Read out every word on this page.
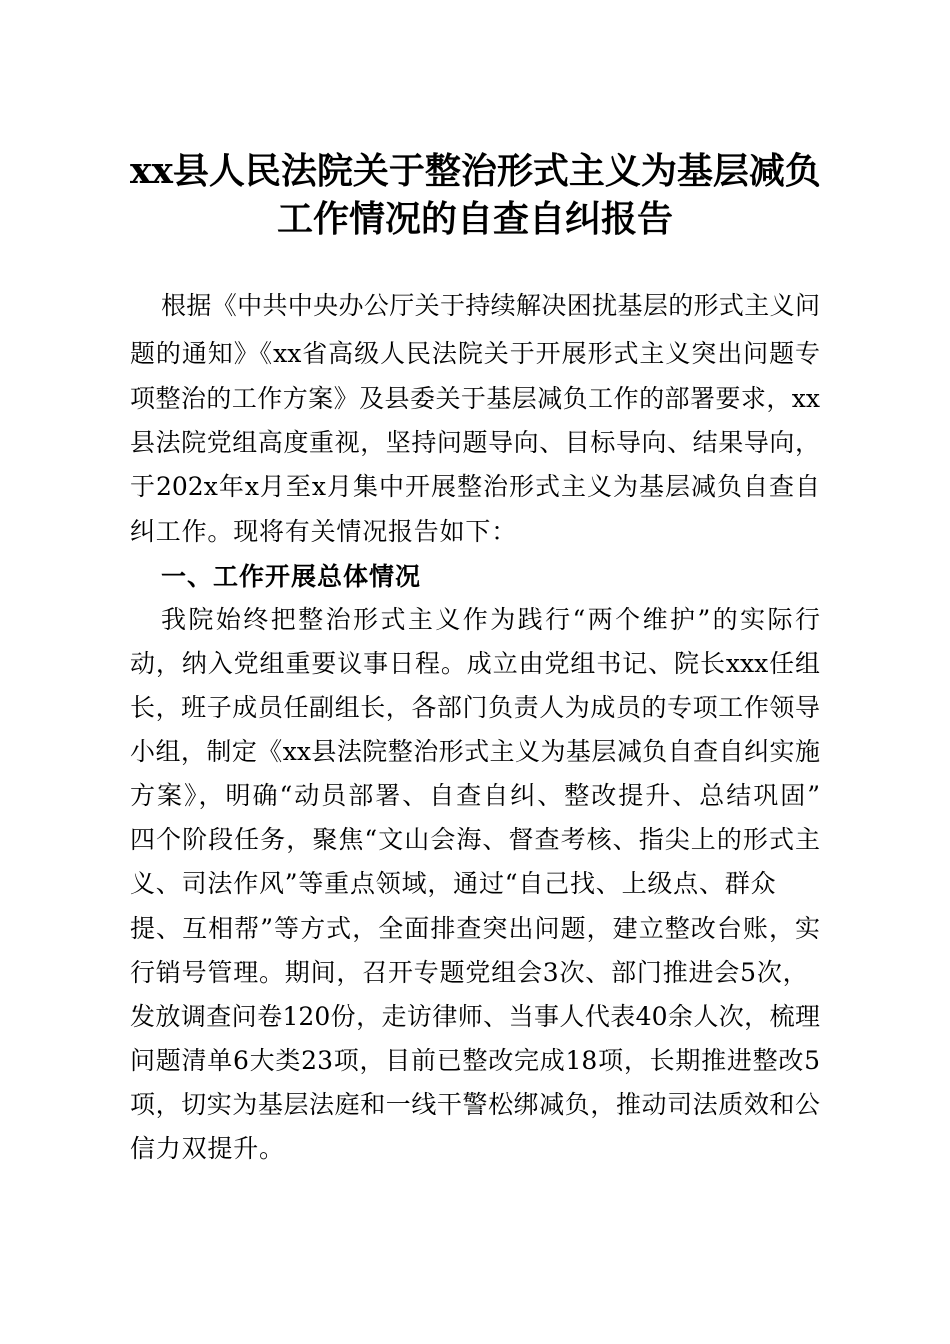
xx县人民法院关于整治形式主义为基层减负
工作情况的自查自纠报告
根据《中共中央办公厅关于持续解决困扰基层的形式主义问
题的通知》《xx省高级人民法院关于开展形式主义突出问题专
项整治的工作方案》及县委关于基层减负工作的部署要求，xx
县法院党组高度重视，坚持问题导向、目标导向、结果导向，
于202x年x月至x月集中开展整治形式主义为基层减负自查自
纠工作。现将有关情况报告如下：
一、工作开展总体情况
我院始终把整治形式主义作为践行“两个维护”的实际行
动，纳入党组重要议事日程。成立由党组书记、院长xxx任组
长，班子成员任副组长，各部门负责人为成员的专项工作领导
小组，制定《xx县法院整治形式主义为基层减负自查自纠实施
方案》，明确“动员部署、自查自纠、整改提升、总结巩固”
四个阶段任务，聚焦“文山会海、督查考核、指尖上的形式主
义、司法作风”等重点领域，通过“自己找、上级点、群众
提、互相帮”等方式，全面排查突出问题，建立整改台账，实
行销号管理。期间，召开专题党组会3次、部门推进会5次，
发放调查问卷120份，走访律师、当事人代表40余人次，梳理
问题清单6大类23项，目前已整改完成18项，长期推进整改5
项，切实为基层法庭和一线干警松绑减负，推动司法质效和公
信力双提升。
